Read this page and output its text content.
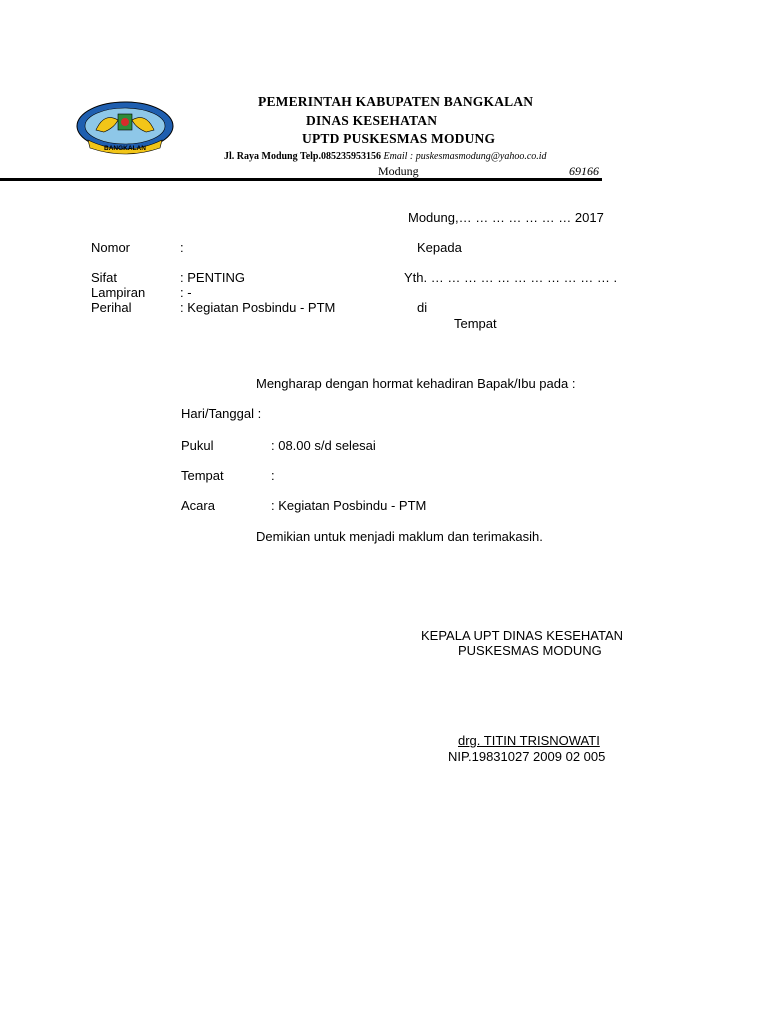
BANGKALAN
PEMERINTAH KABUPATEN BANGKALAN
DINAS KESEHATAN
UPTD PUSKESMAS MODUNG
Jl. Raya Modung Telp.085235953156 Email : puskesmasmodung@yahoo.co.id
Modung	69166
Modung,… … … … … … … 2017
Nomor	:
Sifat	: PENTING
Lampiran	: -
Perihal	: Kegiatan Posbindu - PTM
Kepada
Yth. … … … … … … … … … … … .
di
Tempat
Mengharap dengan hormat kehadiran Bapak/Ibu pada :
Hari/Tanggal :
Pukul	: 08.00 s/d selesai
Tempat	:
Acara	: Kegiatan Posbindu - PTM
Demikian untuk menjadi maklum dan terimakasih.
KEPALA UPT DINAS KESEHATAN
PUSKESMAS MODUNG
drg. TITIN TRISNOWATI
NIP.19831027 2009 02 005
